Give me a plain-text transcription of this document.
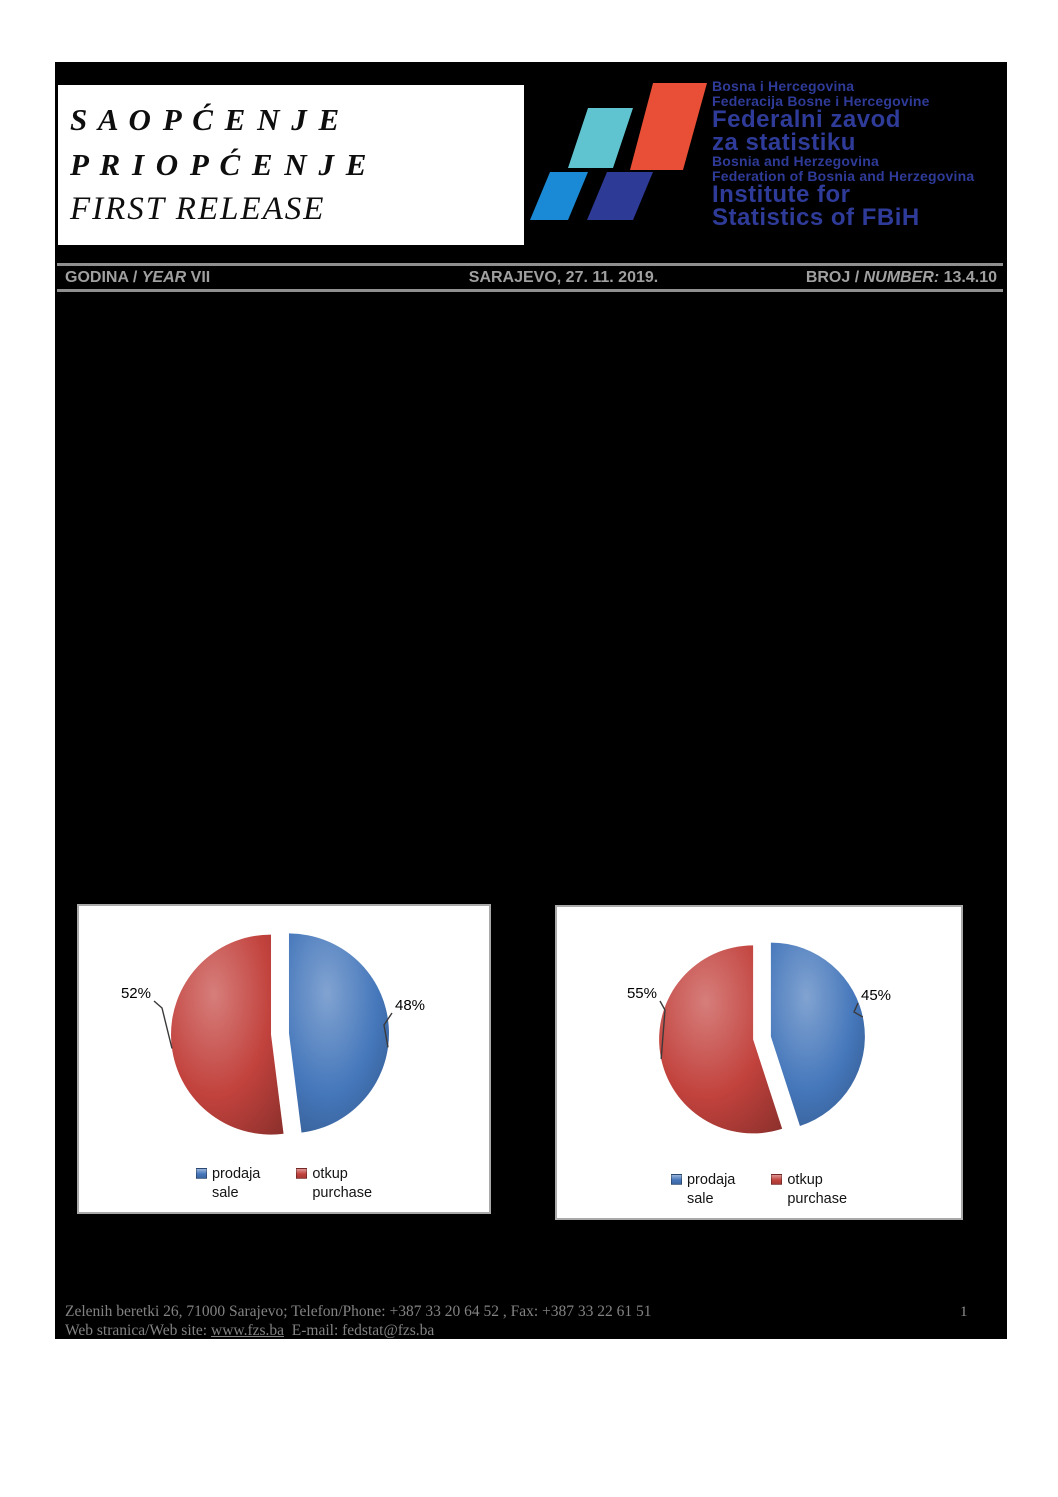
S A O P Ć E N J E
P R I O P Ć E N J E
FIRST RELEASE
Bosna i Hercegovina
Federacija Bosne i Hercegovine
Federalni zavod
za statistiku
Bosnia and Herzegovina
Federation of Bosnia and Herzegovina
Institute for
Statistics of FBiH
GODINA / YEAR VII	SARAJEVO, 27. 11. 2019.	BROJ / NUMBER: 13.4.10
48%
52%
prodaja
sale
otkup
purchase
45%
55%
prodaja
sale
otkup
purchase
Zelenih beretki 26, 71000 Sarajevo; Telefon/Phone: +387 33 20 64 52 , Fax: +387 33 22 61 51
Web stranica/Web site: www.fzs.ba E-mail: fedstat@fzs.ba
1
